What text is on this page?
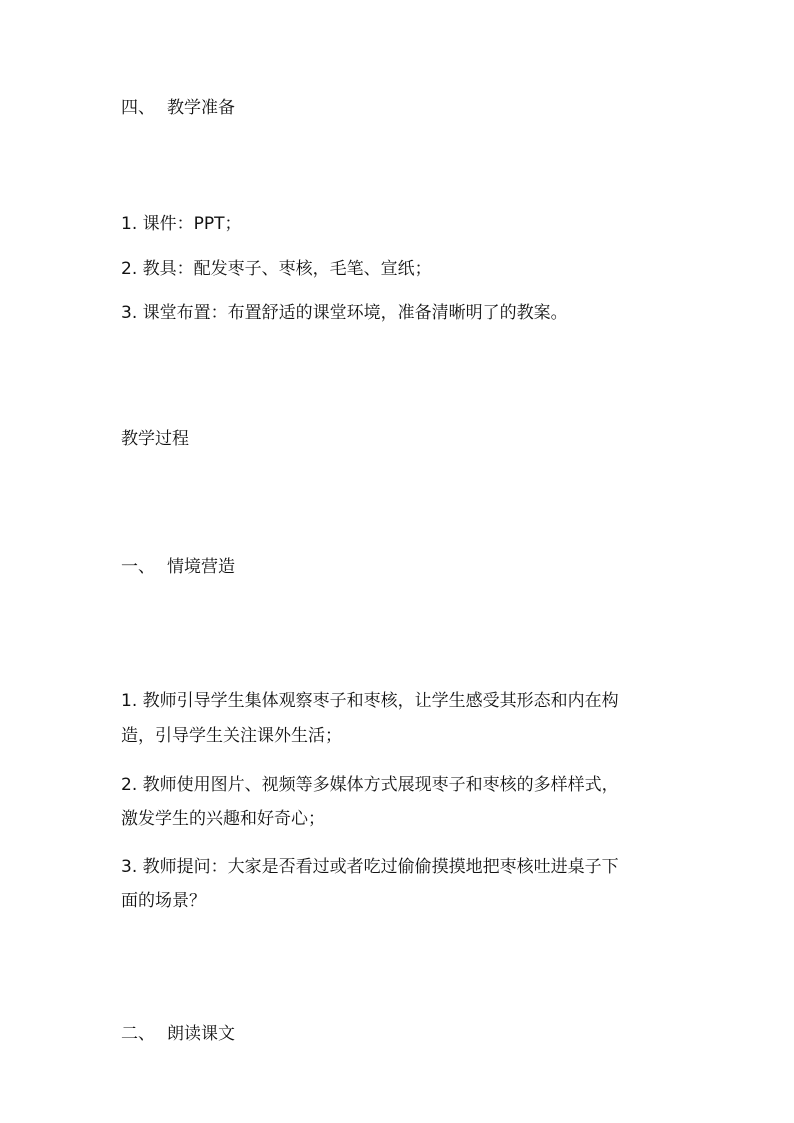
四、 教学准备

1. 课件：PPT；

2. 教具：配发枣子、枣核，毛笔、宣纸；

3. 课堂布置：布置舒适的课堂环境，准备清晰明了的教案。

教学过程

一、 情境营造

1. 教师引导学生集体观察枣子和枣核，让学生感受其形态和内在构

造，引导学生关注课外生活；

2. 教师使用图片、视频等多媒体方式展现枣子和枣核的多样样式，

激发学生的兴趣和好奇心；

3. 教师提问：大家是否看过或者吃过偷偷摸摸地把枣核吐进桌子下

面的场景？

二、 朗读课文
